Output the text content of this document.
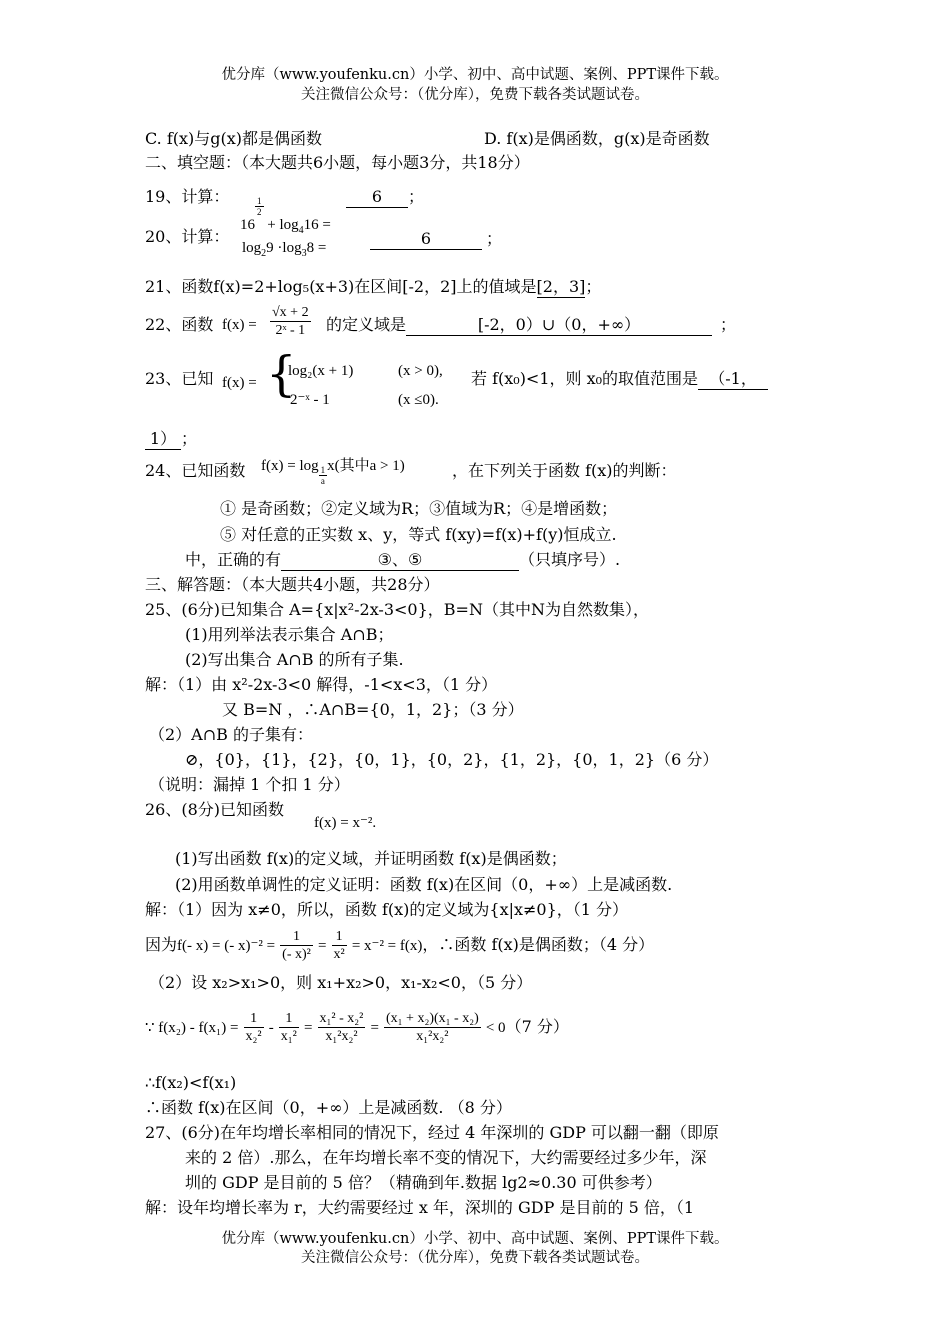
优分库（www.youfenku.cn）小学、初中、高中试题、案例、PPT课件下载。
关注微信公众号：（优分库），免费下载各类试题试卷。
C. f(x)与g(x)都是偶函数	D. f(x)是偶函数，g(x)是奇函数
二、填空题：（本大题共6小题，每小题3分，共18分）
19、计算：
16
$\frac{1}{2}$
+ $\log_416$ =
6 ；
20、计算：
$\log_29 \cdot\log_38$ =	6	；
21、函数f(x)=2+log₅(x+3)在区间[-2，2]上的值域是[2，3]；
22、函数 $f(x) = \frac{√x + 2}{\text{2ˣ - 1}}$ 的定义域是	[-2，0）∪（0，+∞）	；
23、已知 f(x) = {
log₂(x + 1)	(x > 0),
2⁻ˣ - 1	(x ≤0).
若 f(x₀)<1，则 x₀的取值范围是 （-1，
1） ；
24、已知函数 $f(x) = \log \frac{1}{a} x$(其中a > 1)	，在下列关于函数 f(x)的判断：
① 是奇函数；②定义域为R；③值域为R；④是增函数；
⑤ 对任意的正实数 x、y，等式 f(xy)=f(x)+f(y)恒成立.
中，正确的有	③、⑤	（只填序号）.
三、解答题：（本大题共4小题，共28分）
25、(6分)已知集合 A={x|x²-2x-3<0}，B=N（其中N为自然数集），
(1)用列举法表示集合 A∩B；
(2)写出集合 A∩B 的所有子集.
解：（1）由 x²-2x-3<0 解得，-1<x<3，（1 分）
又 B=N ，∴A∩B={0，1，2}；（3 分）
（2）A∩B 的子集有：
⊘，{0}，{1}，{2}，{0，1}，{0，2}，{1，2}，{0，1，2}（6 分）
（说明：漏掉 1 个扣 1 分）
26、(8分)已知函数
f(x) = x⁻².
(1)写出函数 f(x)的定义域，并证明函数 f(x)是偶函数；
(2)用函数单调性的定义证明：函数 f(x)在区间（0，+∞）上是减函数.
解：（1）因为 x≠0，所以，函数 f(x)的定义域为{x|x≠0}，（1 分）
因为f(- x) = (- $x)^{-2} = \frac{1}{\text{(- x)²}} = \frac{1}{\text{x²}} = x^{-2} = f(x)$，∴函数 f(x)是偶函数；（4 分）
（2）设 x₂>x₁>0，则 x₁+x₂>0，x₁-x₂<0，（5 分）
∵ $f(x_2) - f(x_1) = \frac{1}{\text{x₂²}} - \frac{1}{\text{x₁²}} = \frac{\text{x₁² - x₂²}}{\text{x₁²x₂²}} = \frac{\text{(x₁ + x₂)(x₁ - x₂)}}{\text{x₁²x₂²}} < 0(7$ 分）
∴f(x₂)<f(x₁)
∴函数 f(x)在区间（0，+∞）上是减函数. （8 分）
27、(6分)在年均增长率相同的情况下，经过 4 年深圳的 GDP 可以翻一翻（即原
来的 2 倍）.那么，在年均增长率不变的情况下，大约需要经过多少年，深
圳的 GDP 是目前的 5 倍？（精确到年.数据 lg2≈0.30 可供参考）
解：设年均增长率为 r，大约需要经过 x 年，深圳的 GDP 是目前的 5 倍，（1
优分库（www.youfenku.cn）小学、初中、高中试题、案例、PPT课件下载。
关注微信公众号：（优分库），免费下载各类试题试卷。
